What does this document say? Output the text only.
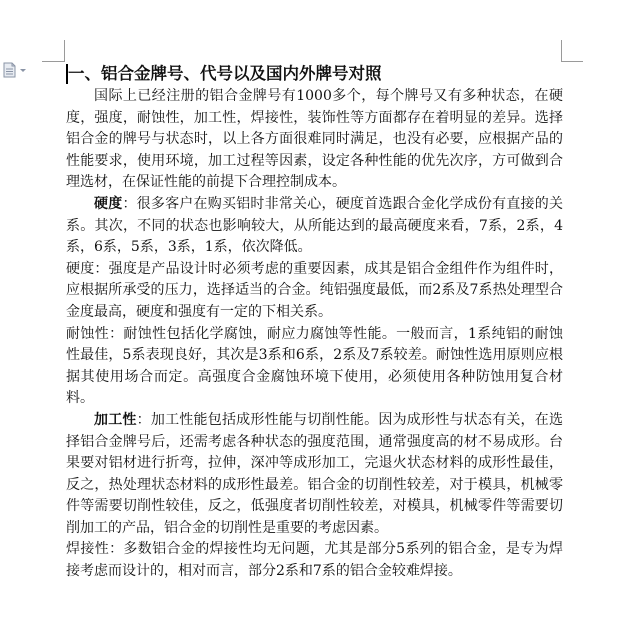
一、铝合金牌号、代号以及国内外牌号对照

国际上已经注册的铝合金牌号有1000多个，每个牌号又有多种状态，在硬度，强度，耐蚀性，加工性，焊接性，装饰性等方面都存在着明显的差异。选择铝合金的牌号与状态时，以上各方面很难同时满足，也没有必要，应根据产品的性能要求，使用环境，加工过程等因素，设定各种性能的优先次序，方可做到合理选材，在保证性能的前提下合理控制成本。

硬度：很多客户在购买铝时非常关心，硬度首选跟合金化学成份有直接的关系。其次，不同的状态也影响较大，从所能达到的最高硬度来看，7系，2系，4系，6系，5系，3系，1系，依次降低。

硬度：强度是产品设计时必须考虑的重要因素，成其是铝合金组件作为组件时，应根据所承受的压力，选择适当的合金。纯铝强度最低，而2系及7系热处理型合金度最高，硬度和强度有一定的下相关系。

耐蚀性：耐蚀性包括化学腐蚀，耐应力腐蚀等性能。一般而言，1系纯铝的耐蚀性最佳，5系表现良好，其次是3系和6系，2系及7系较差。耐蚀性选用原则应根据其使用场合而定。高强度合金腐蚀环境下使用，必须使用各种防蚀用复合材料。

加工性：加工性能包括成形性能与切削性能。因为成形性与状态有关，在选择铝合金牌号后，还需考虑各种状态的强度范围，通常强度高的材不易成形。台果要对铝材进行折弯，拉伸，深冲等成形加工，完退火状态材料的成形性最佳，反之，热处理状态材料的成形性最差。铝合金的切削性较差，对于模具，机械零件等需要切削性较佳，反之，低强度者切削性较差，对模具，机械零件等需要切削加工的产品，铝合金的切削性是重要的考虑因素。

焊接性：多数铝合金的焊接性均无问题，尤其是部分5系列的铝合金，是专为焊接考虑而设计的，相对而言，部分2系和7系的铝合金较难焊接。
